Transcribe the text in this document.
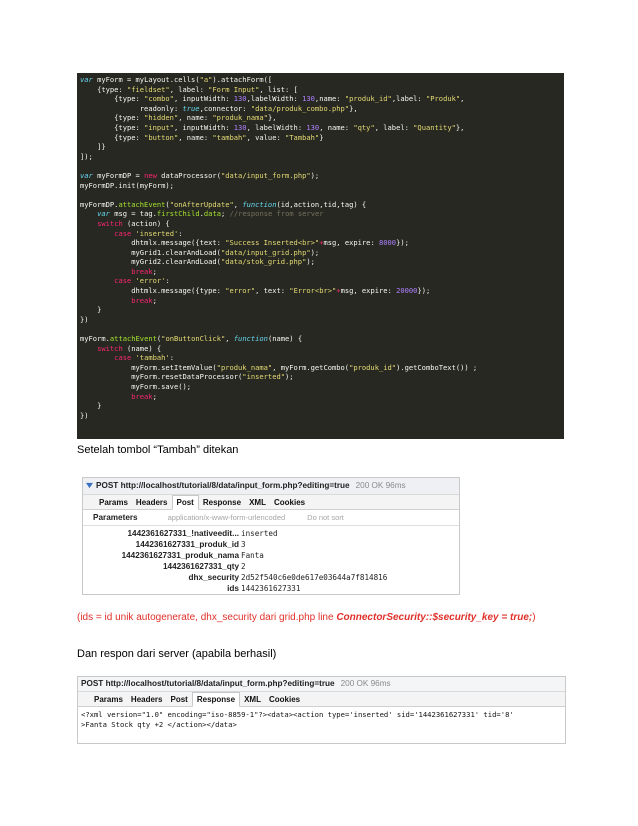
var myForm = myLayout.cells("a").attachForm([
{type: "fieldset", label: "Form Input", list: [
{type: "combo", inputWidth: 130,labelWidth: 130,name: "produk_id",label: "Produk",
readonly: true,connector: "data/produk_combo.php"},
{type: "hidden", name: "produk_nama"},
{type: "input", inputWidth: 130, labelWidth: 130, name: "qty", label: "Quantity"},
{type: "button", name: "tambah", value: "Tambah"}
]}
]);
var myFormDP = new dataProcessor("data/input_form.php");
myFormDP.init(myForm);
myFormDP.attachEvent("onAfterUpdate", function(id,action,tid,tag) {
var msg = tag.firstChild.data; //response from server
switch (action) {
case 'inserted':
dhtmlx.message({text: "Success Inserted<br>"+msg, expire: 8000});
myGrid1.clearAndLoad("data/input_grid.php");
myGrid2.clearAndLoad("data/stok_grid.php");
break;
case 'error':
dhtmlx.message({type: "error", text: "Error<br>"+msg, expire: 20000});
break;
}
})
myForm.attachEvent("onButtonClick", function(name) {
switch (name) {
case 'tambah':
myForm.setItemValue("produk_nama", myForm.getCombo("produk_id").getComboText()) ;
myForm.resetDataProcessor("inserted");
myForm.save();
break;
}
})
Setelah tombol “Tambah” ditekan
POST http://localhost/tutorial/8/data/input_form.php?editing=true 200 OK 96ms
Params Headers Post Response XML Cookies
Parameters	application/x-www-form-urlencoded	Do not sort
1442361627331_!nativeedit... inserted
1442361627331_produk_id 3
1442361627331_produk_nama Fanta
1442361627331_qty 2
dhx_security 2d52f540c6e0de617e03644a7f814816
ids 1442361627331
(ids = id unik autogenerate, dhx_security dari grid.php line ConnectorSecurity::$security_key = true;)
Dan respon dari server (apabila berhasil)
POST http://localhost/tutorial/8/data/input_form.php?editing=true 200 OK 96ms
Params Headers Post Response XML Cookies
<?xml version="1.0" encoding="iso-8859-1"?><data><action type='inserted' sid='1442361627331' tid='8'
>Fanta Stock qty +2 </action></data>
